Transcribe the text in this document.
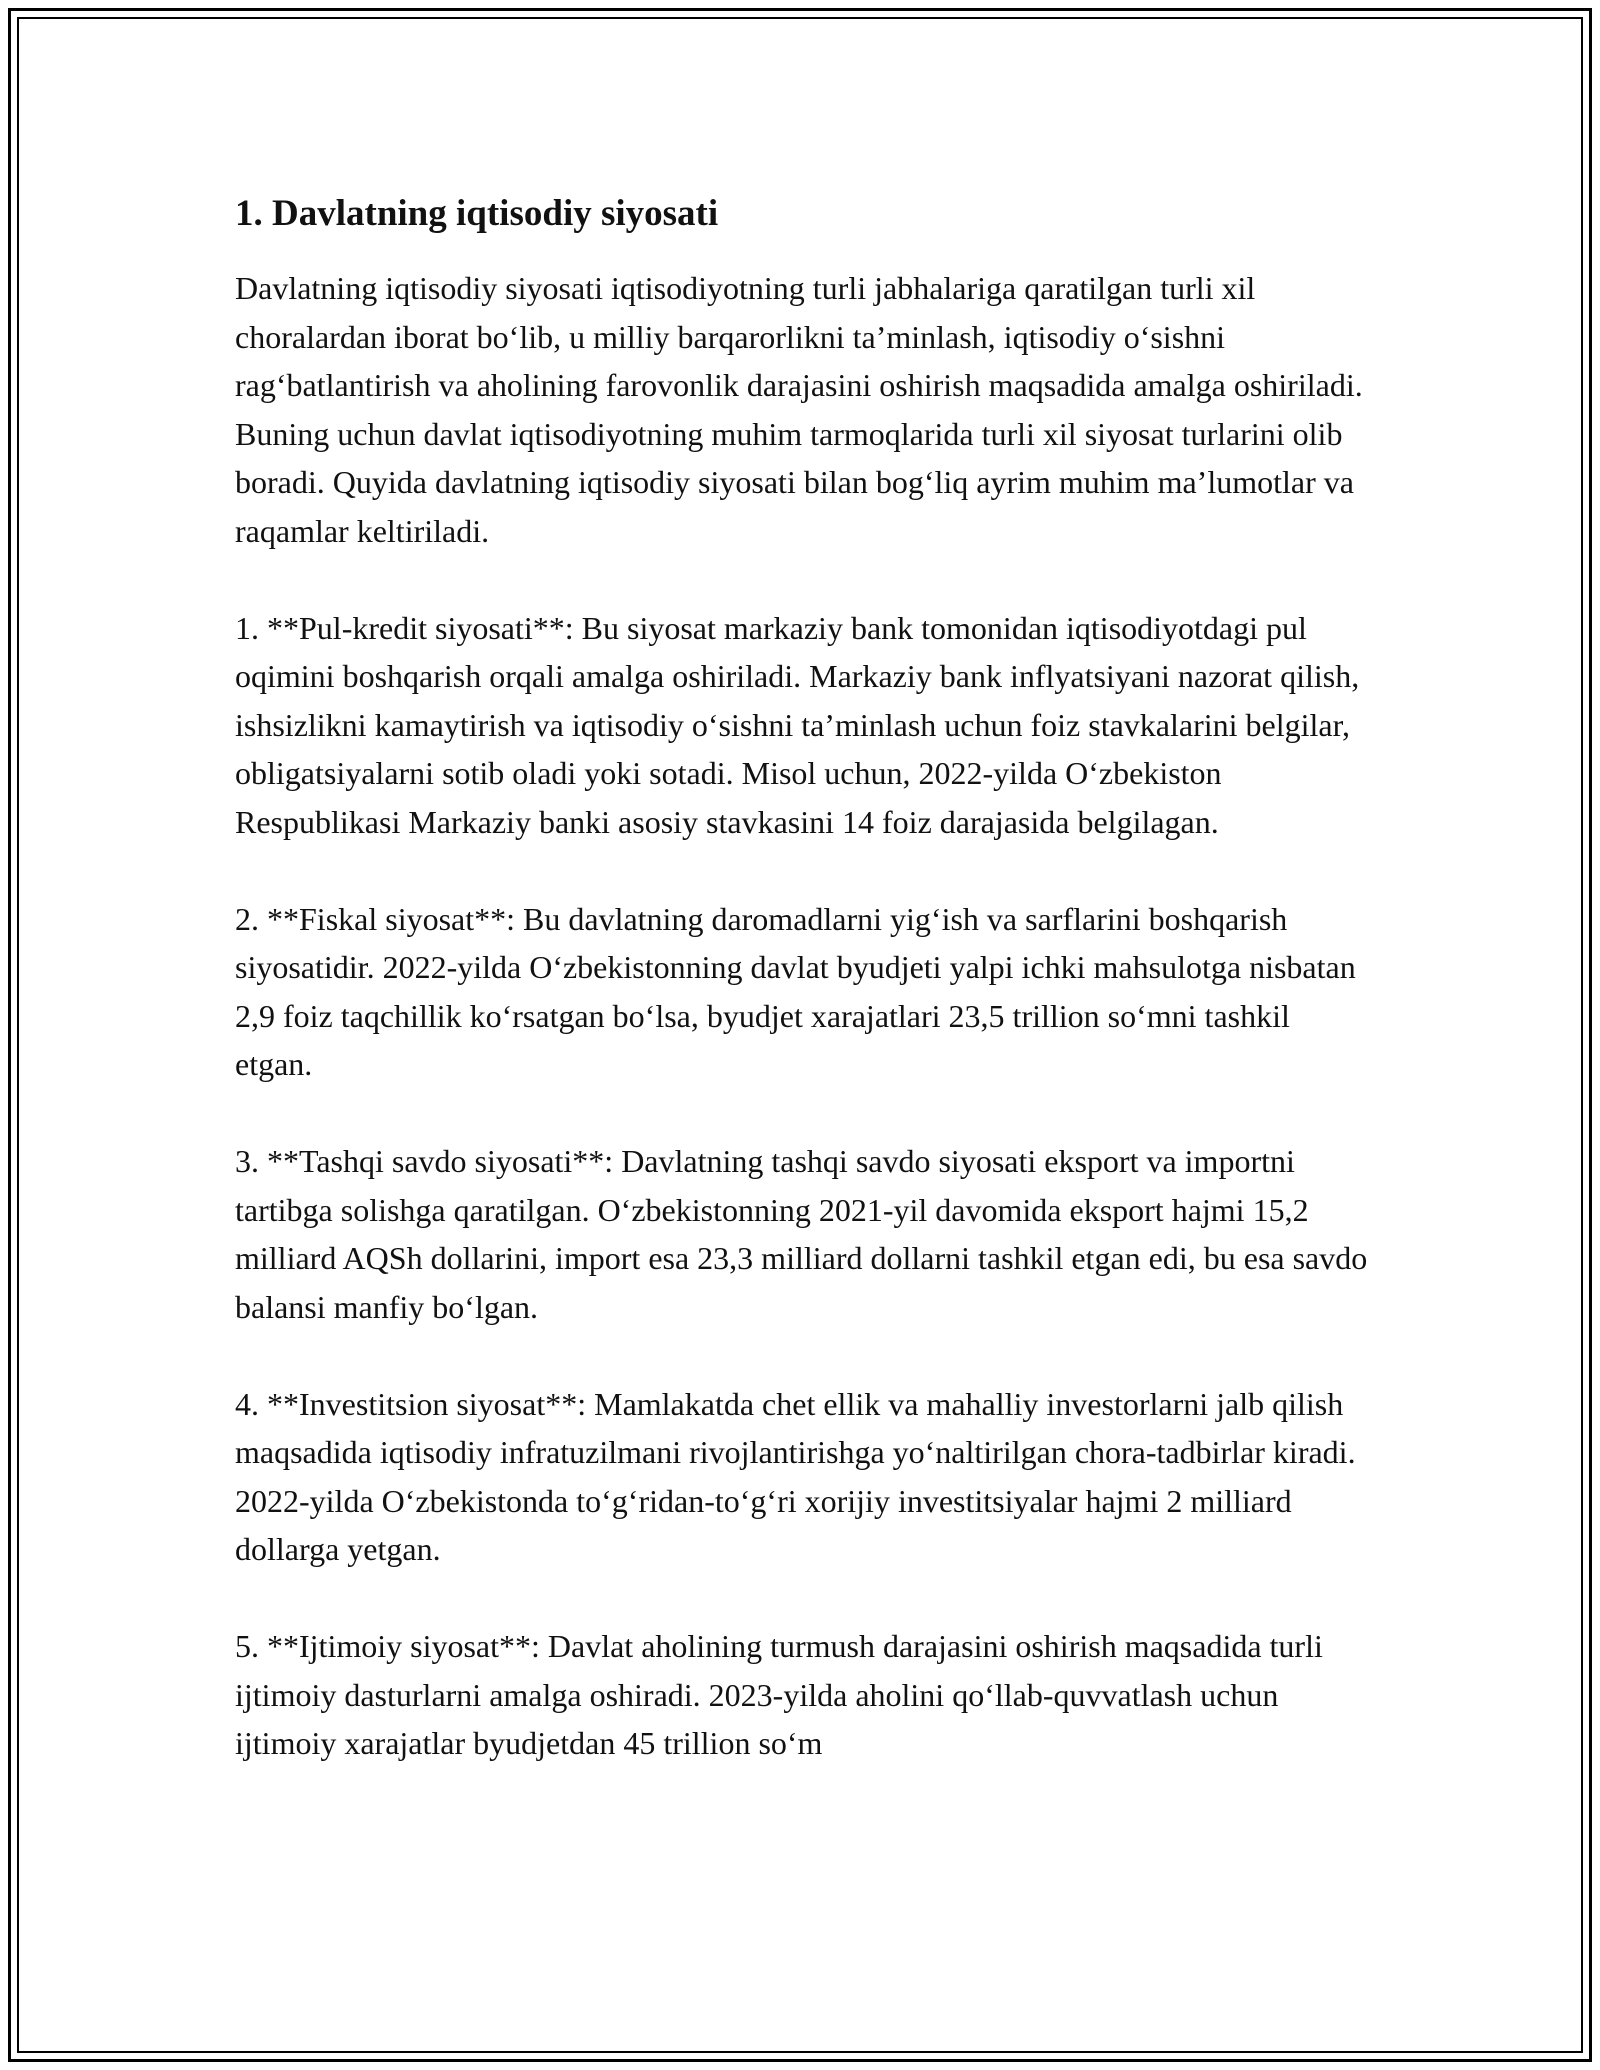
1. Davlatning iqtisodiy siyosati

Davlatning iqtisodiy siyosati iqtisodiyotning turli jabhalariga qaratilgan turli xil choralardan iborat bo‘lib, u milliy barqarorlikni ta’minlash, iqtisodiy o‘sishni rag‘batlantirish va aholining farovonlik darajasini oshirish maqsadida amalga oshiriladi. Buning uchun davlat iqtisodiyotning muhim tarmoqlarida turli xil siyosat turlarini olib boradi. Quyida davlatning iqtisodiy siyosati bilan bog‘liq ayrim muhim ma’lumotlar va raqamlar keltiriladi.

1. **Pul-kredit siyosati**: Bu siyosat markaziy bank tomonidan iqtisodiyotdagi pul oqimini boshqarish orqali amalga oshiriladi. Markaziy bank inflyatsiyani nazorat qilish, ishsizlikni kamaytirish va iqtisodiy o‘sishni ta’minlash uchun foiz stavkalarini belgilar, obligatsiyalarni sotib oladi yoki sotadi. Misol uchun, 2022-yilda O‘zbekiston Respublikasi Markaziy banki asosiy stavkasini 14 foiz darajasida belgilagan.

2. **Fiskal siyosat**: Bu davlatning daromadlarni yig‘ish va sarflarini boshqarish siyosatidir. 2022-yilda O‘zbekistonning davlat byudjeti yalpi ichki mahsulotga nisbatan 2,9 foiz taqchillik ko‘rsatgan bo‘lsa, byudjet xarajatlari 23,5 trillion so‘mni tashkil etgan.

3. **Tashqi savdo siyosati**: Davlatning tashqi savdo siyosati eksport va importni tartibga solishga qaratilgan. O‘zbekistonning 2021-yil davomida eksport hajmi 15,2 milliard AQSh dollarini, import esa 23,3 milliard dollarni tashkil etgan edi, bu esa savdo balansi manfiy bo‘lgan.

4. **Investitsion siyosat**: Mamlakatda chet ellik va mahalliy investorlarni jalb qilish maqsadida iqtisodiy infratuzilmani rivojlantirishga yo‘naltirilgan chora-tadbirlar kiradi. 2022-yilda O‘zbekistonda to‘g‘ridan-to‘g‘ri xorijiy investitsiyalar hajmi 2 milliard dollarga yetgan.

5. **Ijtimoiy siyosat**: Davlat aholining turmush darajasini oshirish maqsadida turli ijtimoiy dasturlarni amalga oshiradi. 2023-yilda aholini qo‘llab-quvvatlash uchun ijtimoiy xarajatlar byudjetdan 45 trillion so‘m
